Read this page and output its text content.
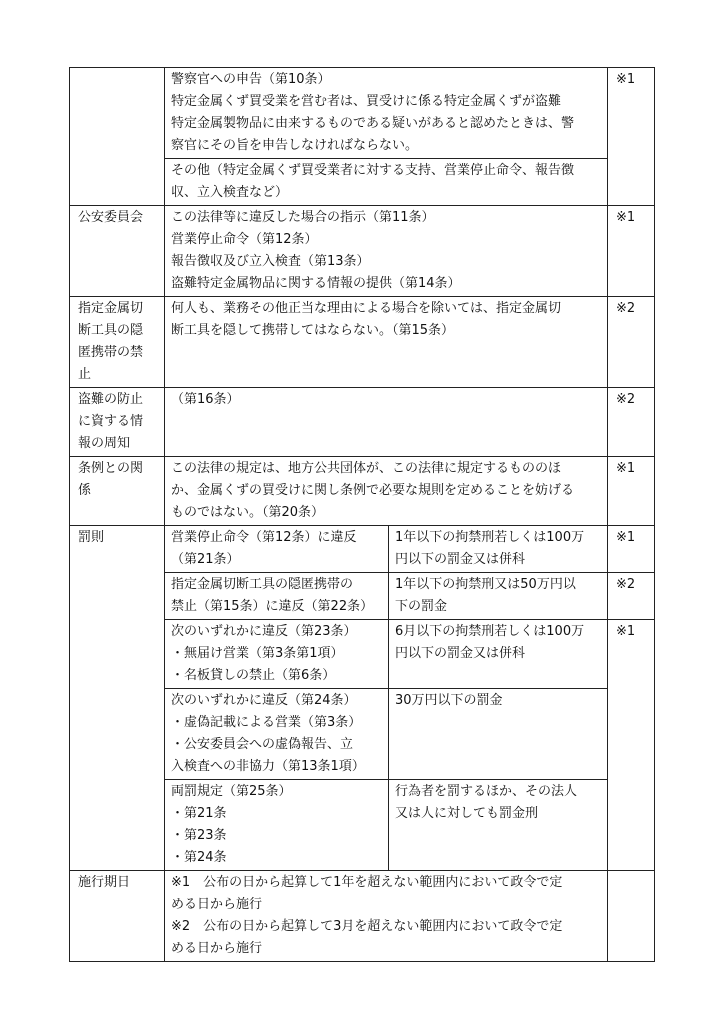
	警察官への申告（第10条）
特定金属くず買受業を営む者は、買受けに係る特定金属くずが盗難
特定金属製物品に由来するものである疑いがあると認めたときは、警
察官にその旨を申告しなければならない。		※1

	その他（特定金属くず買受業者に対する支持、営業停止命令、報告徴
収、立入検査など）		

公安委員会	この法律等に違反した場合の指示（第11条）
営業停止命令（第12条）
報告徴収及び立入検査（第13条）
盗難特定金属物品に関する情報の提供（第14条）		※1

指定金属切
断工具の隠
匿携帯の禁
止	何人も、業務その他正当な理由による場合を除いては、指定金属切
断工具を隠して携帯してはならない。（第15条）		※2

盗難の防止
に資する情
報の周知	（第16条）		※2

条例との関
係	この法律の規定は、地方公共団体が、この法律に規定するもののほ
か、金属くずの買受けに関し条例で必要な規則を定めることを妨げる
ものではない。（第20条）		※1
罰則	営業停止命令（第12条）に違反
（第21条）	1年以下の拘禁刑若しくは100万
円以下の罰金又は併科	※1

	指定金属切断工具の隠匿携帯の
禁止（第15条）に違反（第22条）	1年以下の拘禁刑又は50万円以
下の罰金	※2

	次のいずれかに違反（第23条）
・無届け営業（第3条第1項）
・名板貸しの禁止（第6条）	6月以下の拘禁刑若しくは100万
円以下の罰金又は併科	※1

	次のいずれかに違反（第24条）
・虚偽記載による営業（第3条）
・公安委員会への虚偽報告、立
入検査への非協力（第13条1項）	30万円以下の罰金	

	両罰規定（第25条）
・第21条
・第23条
・第24条	行為者を罰するほか、その法人
又は人に対しても罰金刑	

施行期日	※1　公布の日から起算して1年を超えない範囲内において政令で定
める日から施行
※2　公布の日から起算して3月を超えない範囲内において政令で定
める日から施行		
